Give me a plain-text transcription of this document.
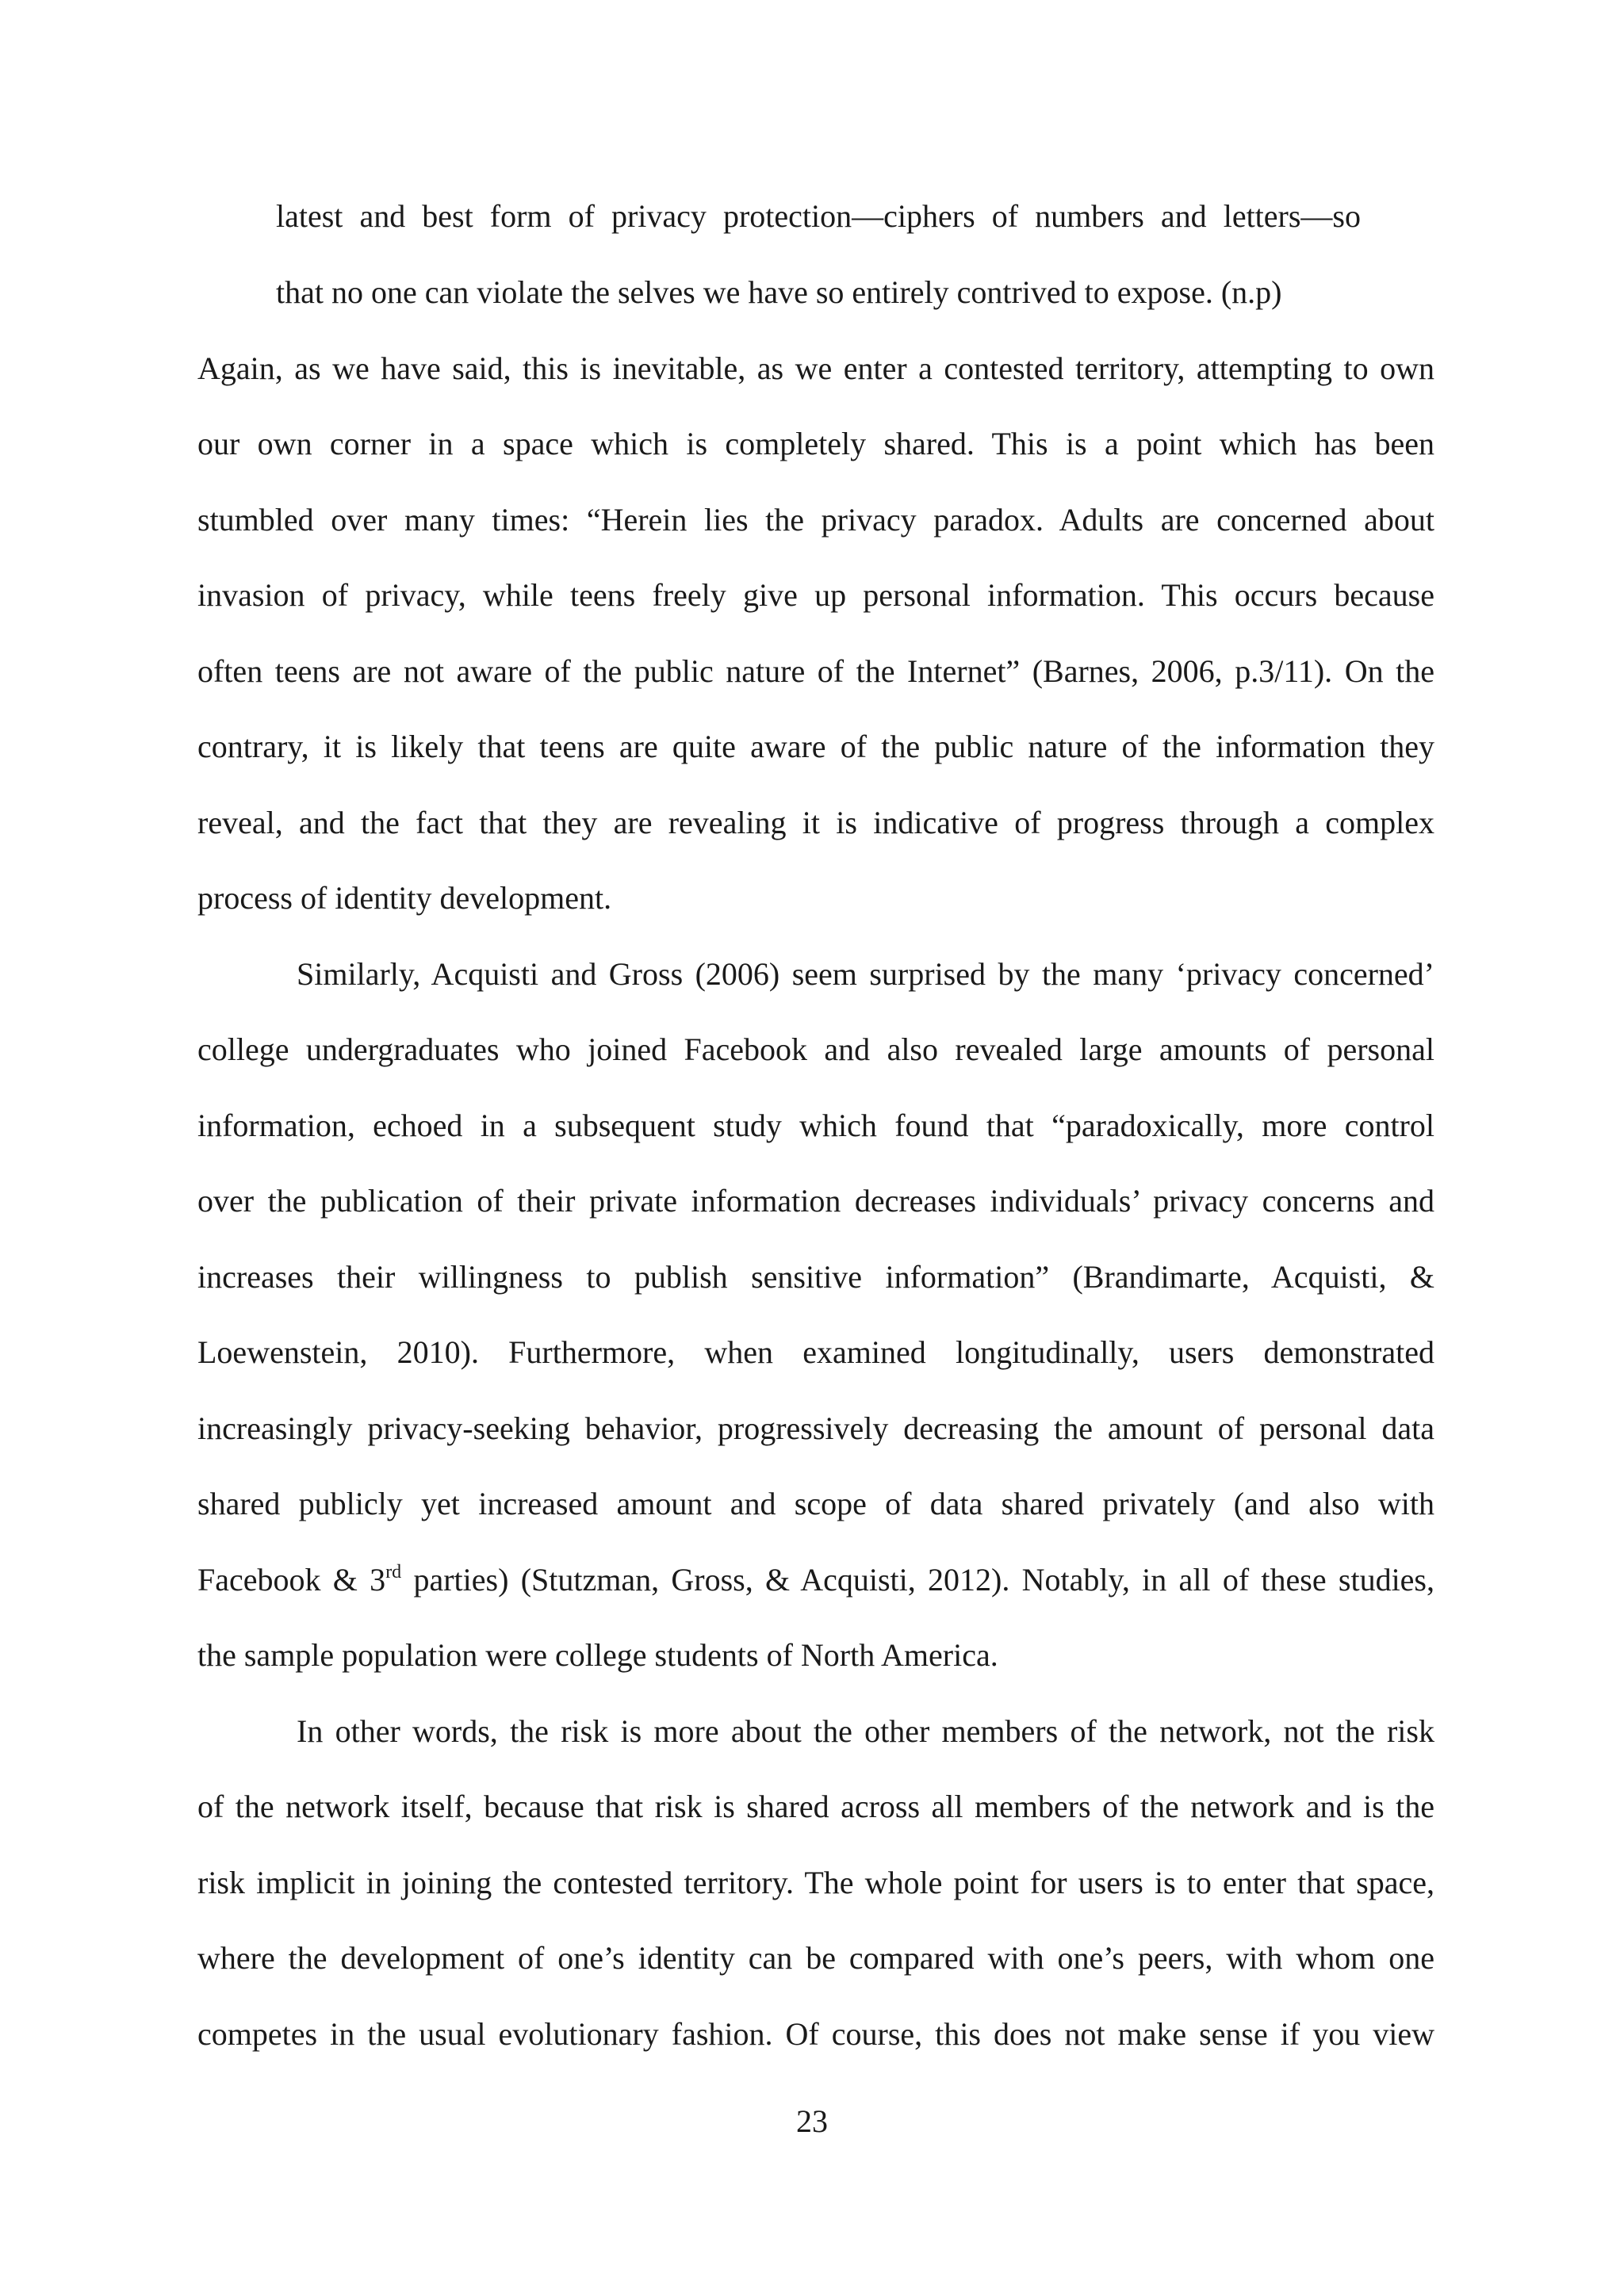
latest and best form of privacy protection—ciphers of numbers and letters—so
that no one can violate the selves we have so entirely contrived to expose. (n.p)
Again, as we have said, this is inevitable, as we enter a contested territory, attempting to own
our own corner in a space which is completely shared. This is a point which has been
stumbled over many times: “Herein lies the privacy paradox. Adults are concerned about
invasion of privacy, while teens freely give up personal information. This occurs because
often teens are not aware of the public nature of the Internet” (Barnes, 2006, p.3/11). On the
contrary, it is likely that teens are quite aware of the public nature of the information they
reveal, and the fact that they are revealing it is indicative of progress through a complex
process of identity development.
Similarly, Acquisti and Gross (2006) seem surprised by the many ‘privacy concerned’
college undergraduates who joined Facebook and also revealed large amounts of personal
information, echoed in a subsequent study which found that “paradoxically, more control
over the publication of their private information decreases individuals’ privacy concerns and
increases their willingness to publish sensitive information” (Brandimarte, Acquisti, &
Loewenstein, 2010). Furthermore, when examined longitudinally, users demonstrated
increasingly privacy-seeking behavior, progressively decreasing the amount of personal data
shared publicly yet increased amount and scope of data shared privately (and also with
Facebook & 3rd parties) (Stutzman, Gross, & Acquisti, 2012). Notably, in all of these studies,
the sample population were college students of North America.
In other words, the risk is more about the other members of the network, not the risk
of the network itself, because that risk is shared across all members of the network and is the
risk implicit in joining the contested territory. The whole point for users is to enter that space,
where the development of one’s identity can be compared with one’s peers, with whom one
competes in the usual evolutionary fashion. Of course, this does not make sense if you view
23
